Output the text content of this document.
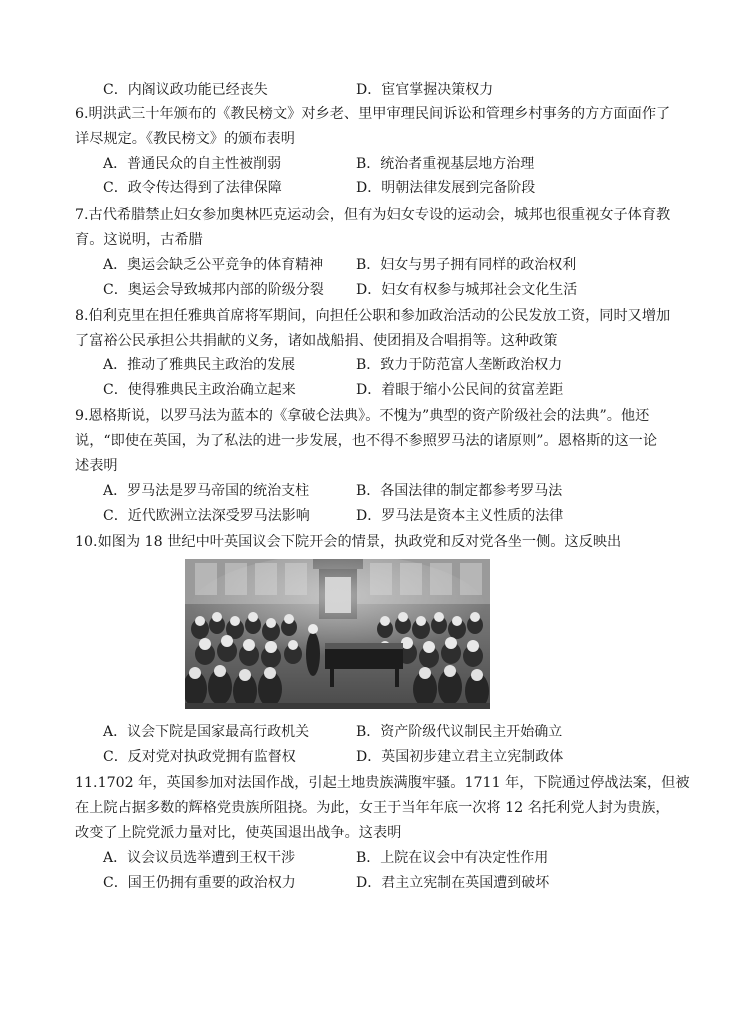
C．内阁议政功能已经丧失	D．宦官掌握决策权力
6.明洪武三十年颁布的《教民榜文》对乡老、里甲审理民间诉讼和管理乡村事务的方方面面作了
详尽规定。《教民榜文》的颁布表明
A．普通民众的自主性被削弱	B．统治者重视基层地方治理
C．政令传达得到了法律保障	D．明朝法律发展到完备阶段
7.古代希腊禁止妇女参加奥林匹克运动会，但有为妇女专设的运动会，城邦也很重视女子体育教
育。这说明，古希腊
A．奥运会缺乏公平竞争的体育精神 B．妇女与男子拥有同样的政治权利
C．奥运会导致城邦内部的阶级分裂 D．妇女有权参与城邦社会文化生活
8.伯利克里在担任雅典首席将军期间，向担任公职和参加政治活动的公民发放工资，同时又增加
了富裕公民承担公共捐献的义务，诸如战船捐、使团捐及合唱捐等。这种政策
A．推动了雅典民主政治的发展	B．致力于防范富人垄断政治权力
C．使得雅典民主政治确立起来	D．着眼于缩小公民间的贫富差距
9.恩格斯说，以罗马法为蓝本的《拿破仑法典》。不愧为”典型的资产阶级社会的法典”。他还
说，“即使在英国，为了私法的进一步发展，也不得不参照罗马法的诸原则”。恩格斯的这一论
述表明
A．罗马法是罗马帝国的统治支柱	B．各国法律的制定都参考罗马法
C．近代欧洲立法深受罗马法影响	D．罗马法是资本主义性质的法律
10.如图为 18 世纪中叶英国议会下院开会的情景，执政党和反对党各坐一侧。这反映出
A．议会下院是国家最高行政机关	B．资产阶级代议制民主开始确立
C．反对党对执政党拥有监督权	D．英国初步建立君主立宪制政体
11.1702 年，英国参加对法国作战，引起土地贵族满腹牢骚。1711 年，下院通过停战法案，但被
在上院占据多数的辉格党贵族所阻挠。为此，女王于当年年底一次将 12 名托利党人封为贵族，
改变了上院党派力量对比，使英国退出战争。这表明
A．议会议员选举遭到王权干涉	B．上院在议会中有决定性作用
C．国王仍拥有重要的政治权力	D．君主立宪制在英国遭到破坏
